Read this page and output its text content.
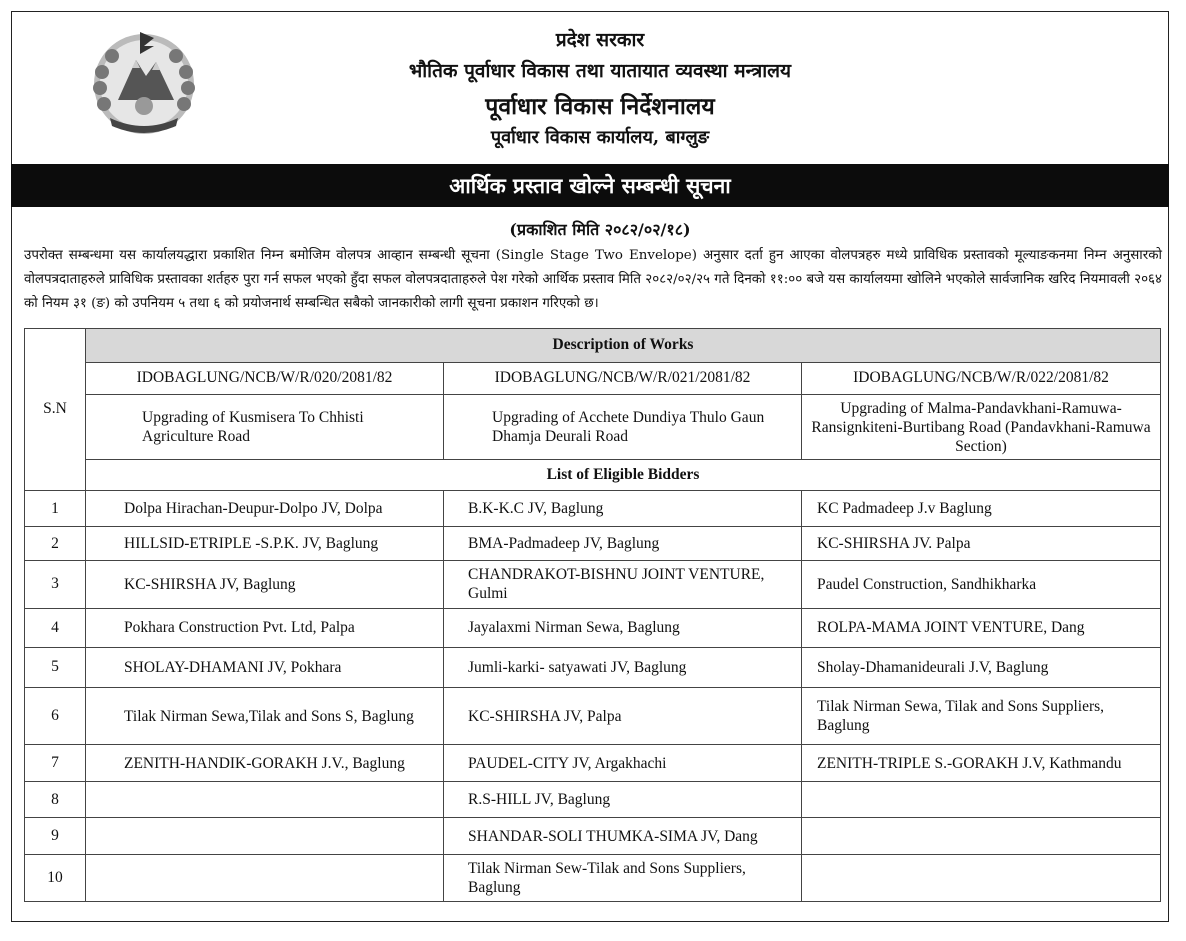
प्रदेश सरकार
भौतिक पूर्वाधार विकास तथा यातायात व्यवस्था मन्त्रालय
पूर्वाधार विकास निर्देशनालय
पूर्वाधार विकास कार्यालय, बाग्लुङ
आर्थिक प्रस्ताव खोल्ने सम्बन्धी सूचना
(प्रकाशित मिति २०८२/०२/१८)
उपरोक्त सम्बन्धमा यस कार्यालयद्धारा प्रकाशित निम्न बमोजिम वोलपत्र आव्हान सम्बन्धी सूचना (Single Stage Two Envelope) अनुसार दर्ता हुन आएका वोलपत्रहरु मध्ये प्राविधिक प्रस्तावको मूल्याङकनमा निम्न अनुसारको वोलपत्रदाताहरुले प्राविधिक प्रस्तावका शर्तहरु पुरा गर्न सफल भएको हुँदा सफल वोलपत्रदाताहरुले पेश गरेको आर्थिक प्रस्ताव मिति २०८२/०२/२५ गते दिनको ११:०० बजे यस कार्यालयमा खोलिने भएकोले सार्वजानिक खरिद नियमावली २०६४ को नियम ३१ (ङ) को उपनियम ५ तथा ६ को प्रयोजनार्थ सम्बन्धित सबैको जानकारीको लागी सूचना प्रकाशन गरिएको छ।
S.N	Description of Works		
	IDOBAGLUNG/NCB/W/R/020/2081/82	IDOBAGLUNG/NCB/W/R/021/2081/82	IDOBAGLUNG/NCB/W/R/022/2081/82
	Upgrading of Kusmisera To Chhisti Agriculture Road	Upgrading of Acchete Dundiya Thulo Gaun Dhamja Deurali Road	Upgrading of Malma-Pandavkhani-Ramuwa-Ransignkiteni-Burtibang Road (Pandavkhani-Ramuwa Section)
	List of Eligible Bidders		
1	Dolpa Hirachan-Deupur-Dolpo JV, Dolpa	B.K-K.C JV, Baglung	KC Padmadeep J.v Baglung
2	HILLSID-ETRIPLE -S.P.K. JV, Baglung	BMA-Padmadeep JV, Baglung	KC-SHIRSHA JV. Palpa
3	KC-SHIRSHA JV, Baglung	CHANDRAKOT-BISHNU JOINT VENTURE, Gulmi	Paudel Construction, Sandhikharka
4	Pokhara Construction Pvt. Ltd, Palpa	Jayalaxmi Nirman Sewa, Baglung	ROLPA-MAMA JOINT VENTURE, Dang
5	SHOLAY-DHAMANI JV, Pokhara	Jumli-karki- satyawati JV, Baglung	Sholay-Dhamanideurali J.V, Baglung
6	Tilak Nirman Sewa,Tilak and Sons S, Baglung	KC-SHIRSHA JV, Palpa	Tilak Nirman Sewa, Tilak and Sons Suppliers, Baglung
7	ZENITH-HANDIK-GORAKH J.V., Baglung	PAUDEL-CITY JV, Argakhachi	ZENITH-TRIPLE S.-GORAKH J.V, Kathmandu
8		R.S-HILL JV, Baglung	
9		SHANDAR-SOLI THUMKA-SIMA JV, Dang	
10		Tilak Nirman Sew-Tilak and Sons Suppliers, Baglung	
